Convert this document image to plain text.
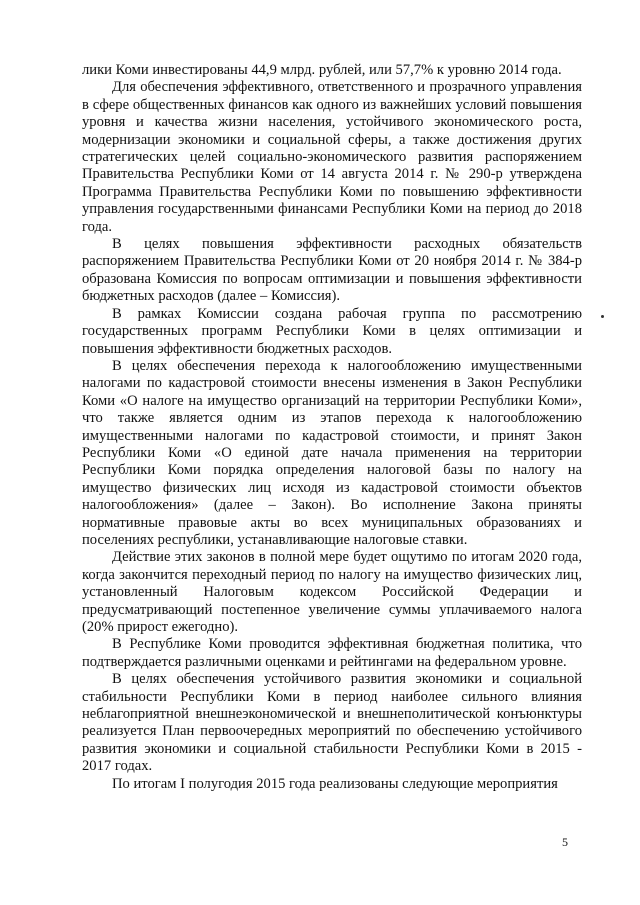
лики Коми инвестированы 44,9 млрд. рублей, или 57,7% к уровню 2014 года.

Для обеспечения эффективного, ответственного и прозрачного управления в сфере общественных финансов как одного из важнейших условий повышения уровня и качества жизни населения, устойчивого экономического роста, модернизации экономики и социальной сферы, а также достижения других стратегических целей социально-экономического развития распоряжением Правительства Республики Коми от 14 августа 2014 г. № 290-р утверждена Программа Правительства Республики Коми по повышению эффективности управления государственными финансами Республики Коми на период до 2018 года.

В целях повышения эффективности расходных обязательств распоряжением Правительства Республики Коми от 20 ноября 2014 г. № 384-р образована Комиссия по вопросам оптимизации и повышения эффективности бюджетных расходов (далее – Комиссия).

В рамках Комиссии создана рабочая группа по рассмотрению государственных программ Республики Коми в целях оптимизации и повышения эффективности бюджетных расходов.

В целях обеспечения перехода к налогообложению имущественными налогами по кадастровой стоимости внесены изменения в Закон Республики Коми «О налоге на имущество организаций на территории Республики Коми», что также является одним из этапов перехода к налогообложению имущественными налогами по кадастровой стоимости, и принят Закон Республики Коми «О единой дате начала применения на территории Республики Коми порядка определения налоговой базы по налогу на имущество физических лиц исходя из кадастровой стоимости объектов налогообложения» (далее – Закон). Во исполнение Закона приняты нормативные правовые акты во всех муниципальных образованиях и поселениях республики, устанавливающие налоговые ставки.

Действие этих законов в полной мере будет ощутимо по итогам 2020 года, когда закончится переходный период по налогу на имущество физических лиц, установленный Налоговым кодексом Российской Федерации и предусматривающий постепенное увеличение суммы уплачиваемого налога (20% прирост ежегодно).

В Республике Коми проводится эффективная бюджетная политика, что подтверждается различными оценками и рейтингами на федеральном уровне.

В целях обеспечения устойчивого развития экономики и социальной стабильности Республики Коми в период наиболее сильного влияния неблагоприятной внешнеэкономической и внешнеполитической конъюнктуры реализуется План первоочередных мероприятий по обеспечению устойчивого развития экономики и социальной стабильности Республики Коми в 2015 - 2017 годах.

По итогам I полугодия 2015 года реализованы следующие мероприятия

5
